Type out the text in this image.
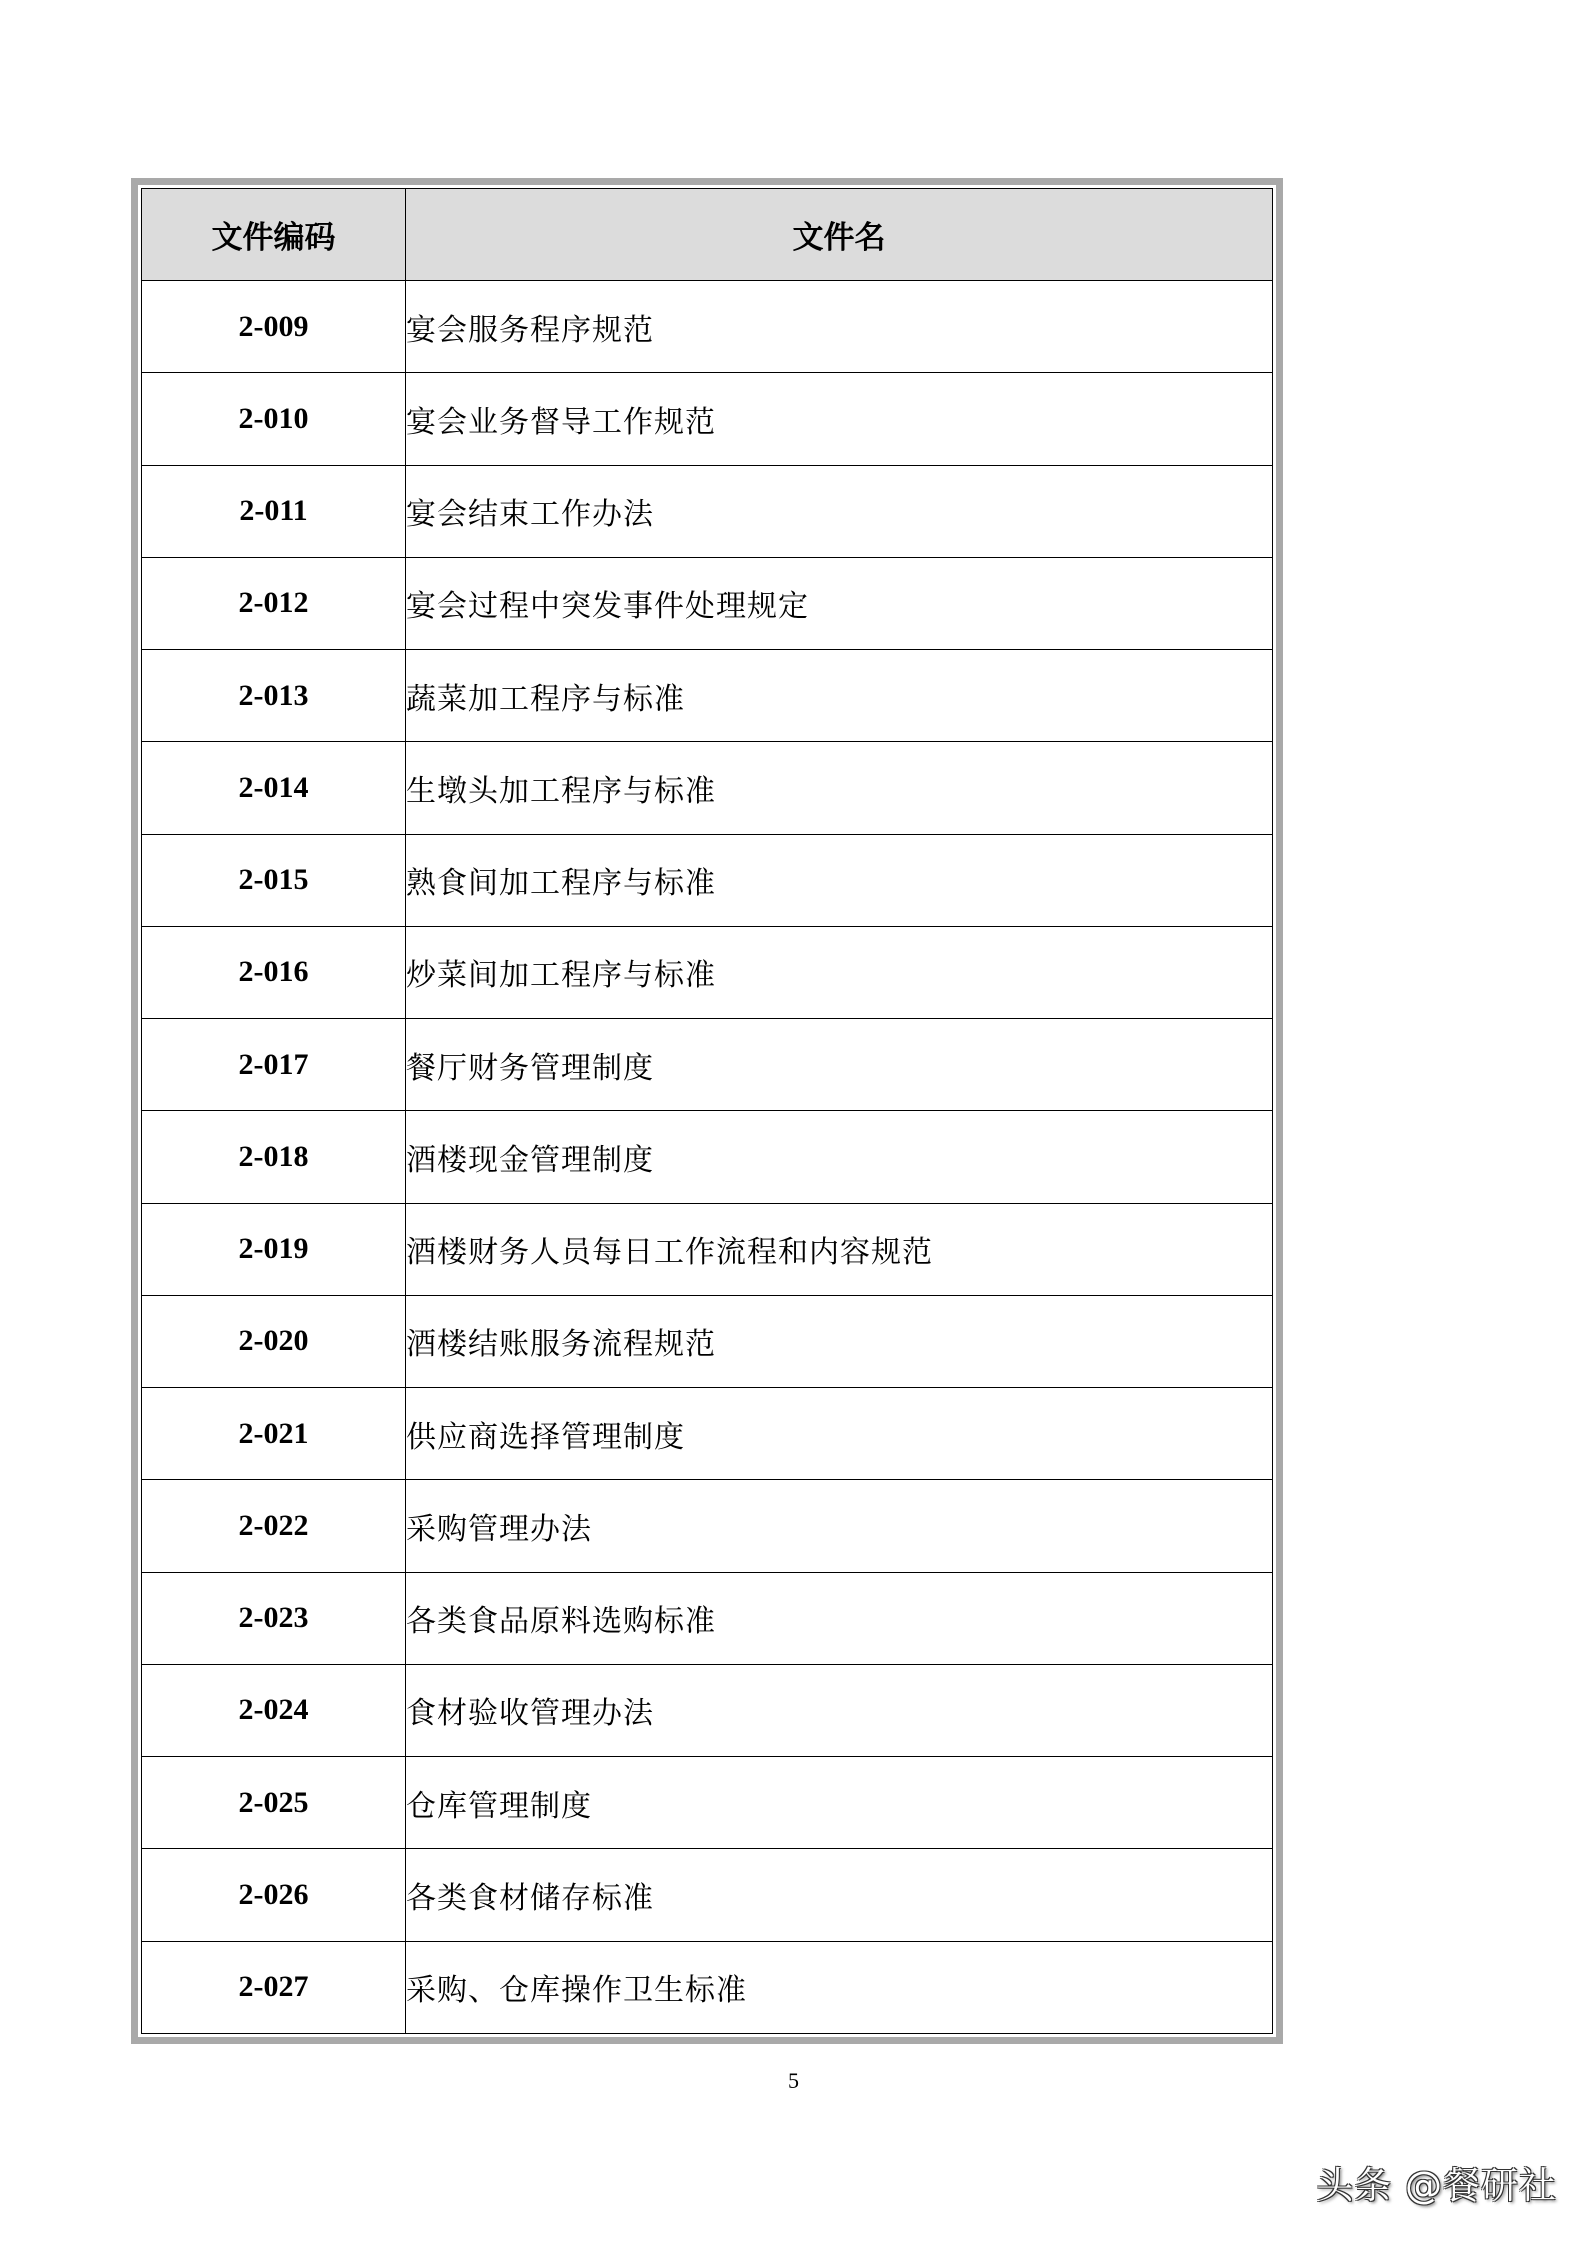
文件编码	文件名
2-009	宴会服务程序规范
2-010	宴会业务督导工作规范
2-011	宴会结束工作办法
2-012	宴会过程中突发事件处理规定
2-013	蔬菜加工程序与标准
2-014	生墩头加工程序与标准
2-015	熟食间加工程序与标准
2-016	炒菜间加工程序与标准
2-017	餐厅财务管理制度
2-018	酒楼现金管理制度
2-019	酒楼财务人员每日工作流程和内容规范
2-020	酒楼结账服务流程规范
2-021	供应商选择管理制度
2-022	采购管理办法
2-023	各类食品原料选购标准
2-024	食材验收管理办法
2-025	仓库管理制度
2-026	各类食材储存标准
2-027	采购、仓库操作卫生标准
5
头条 @餐研社
